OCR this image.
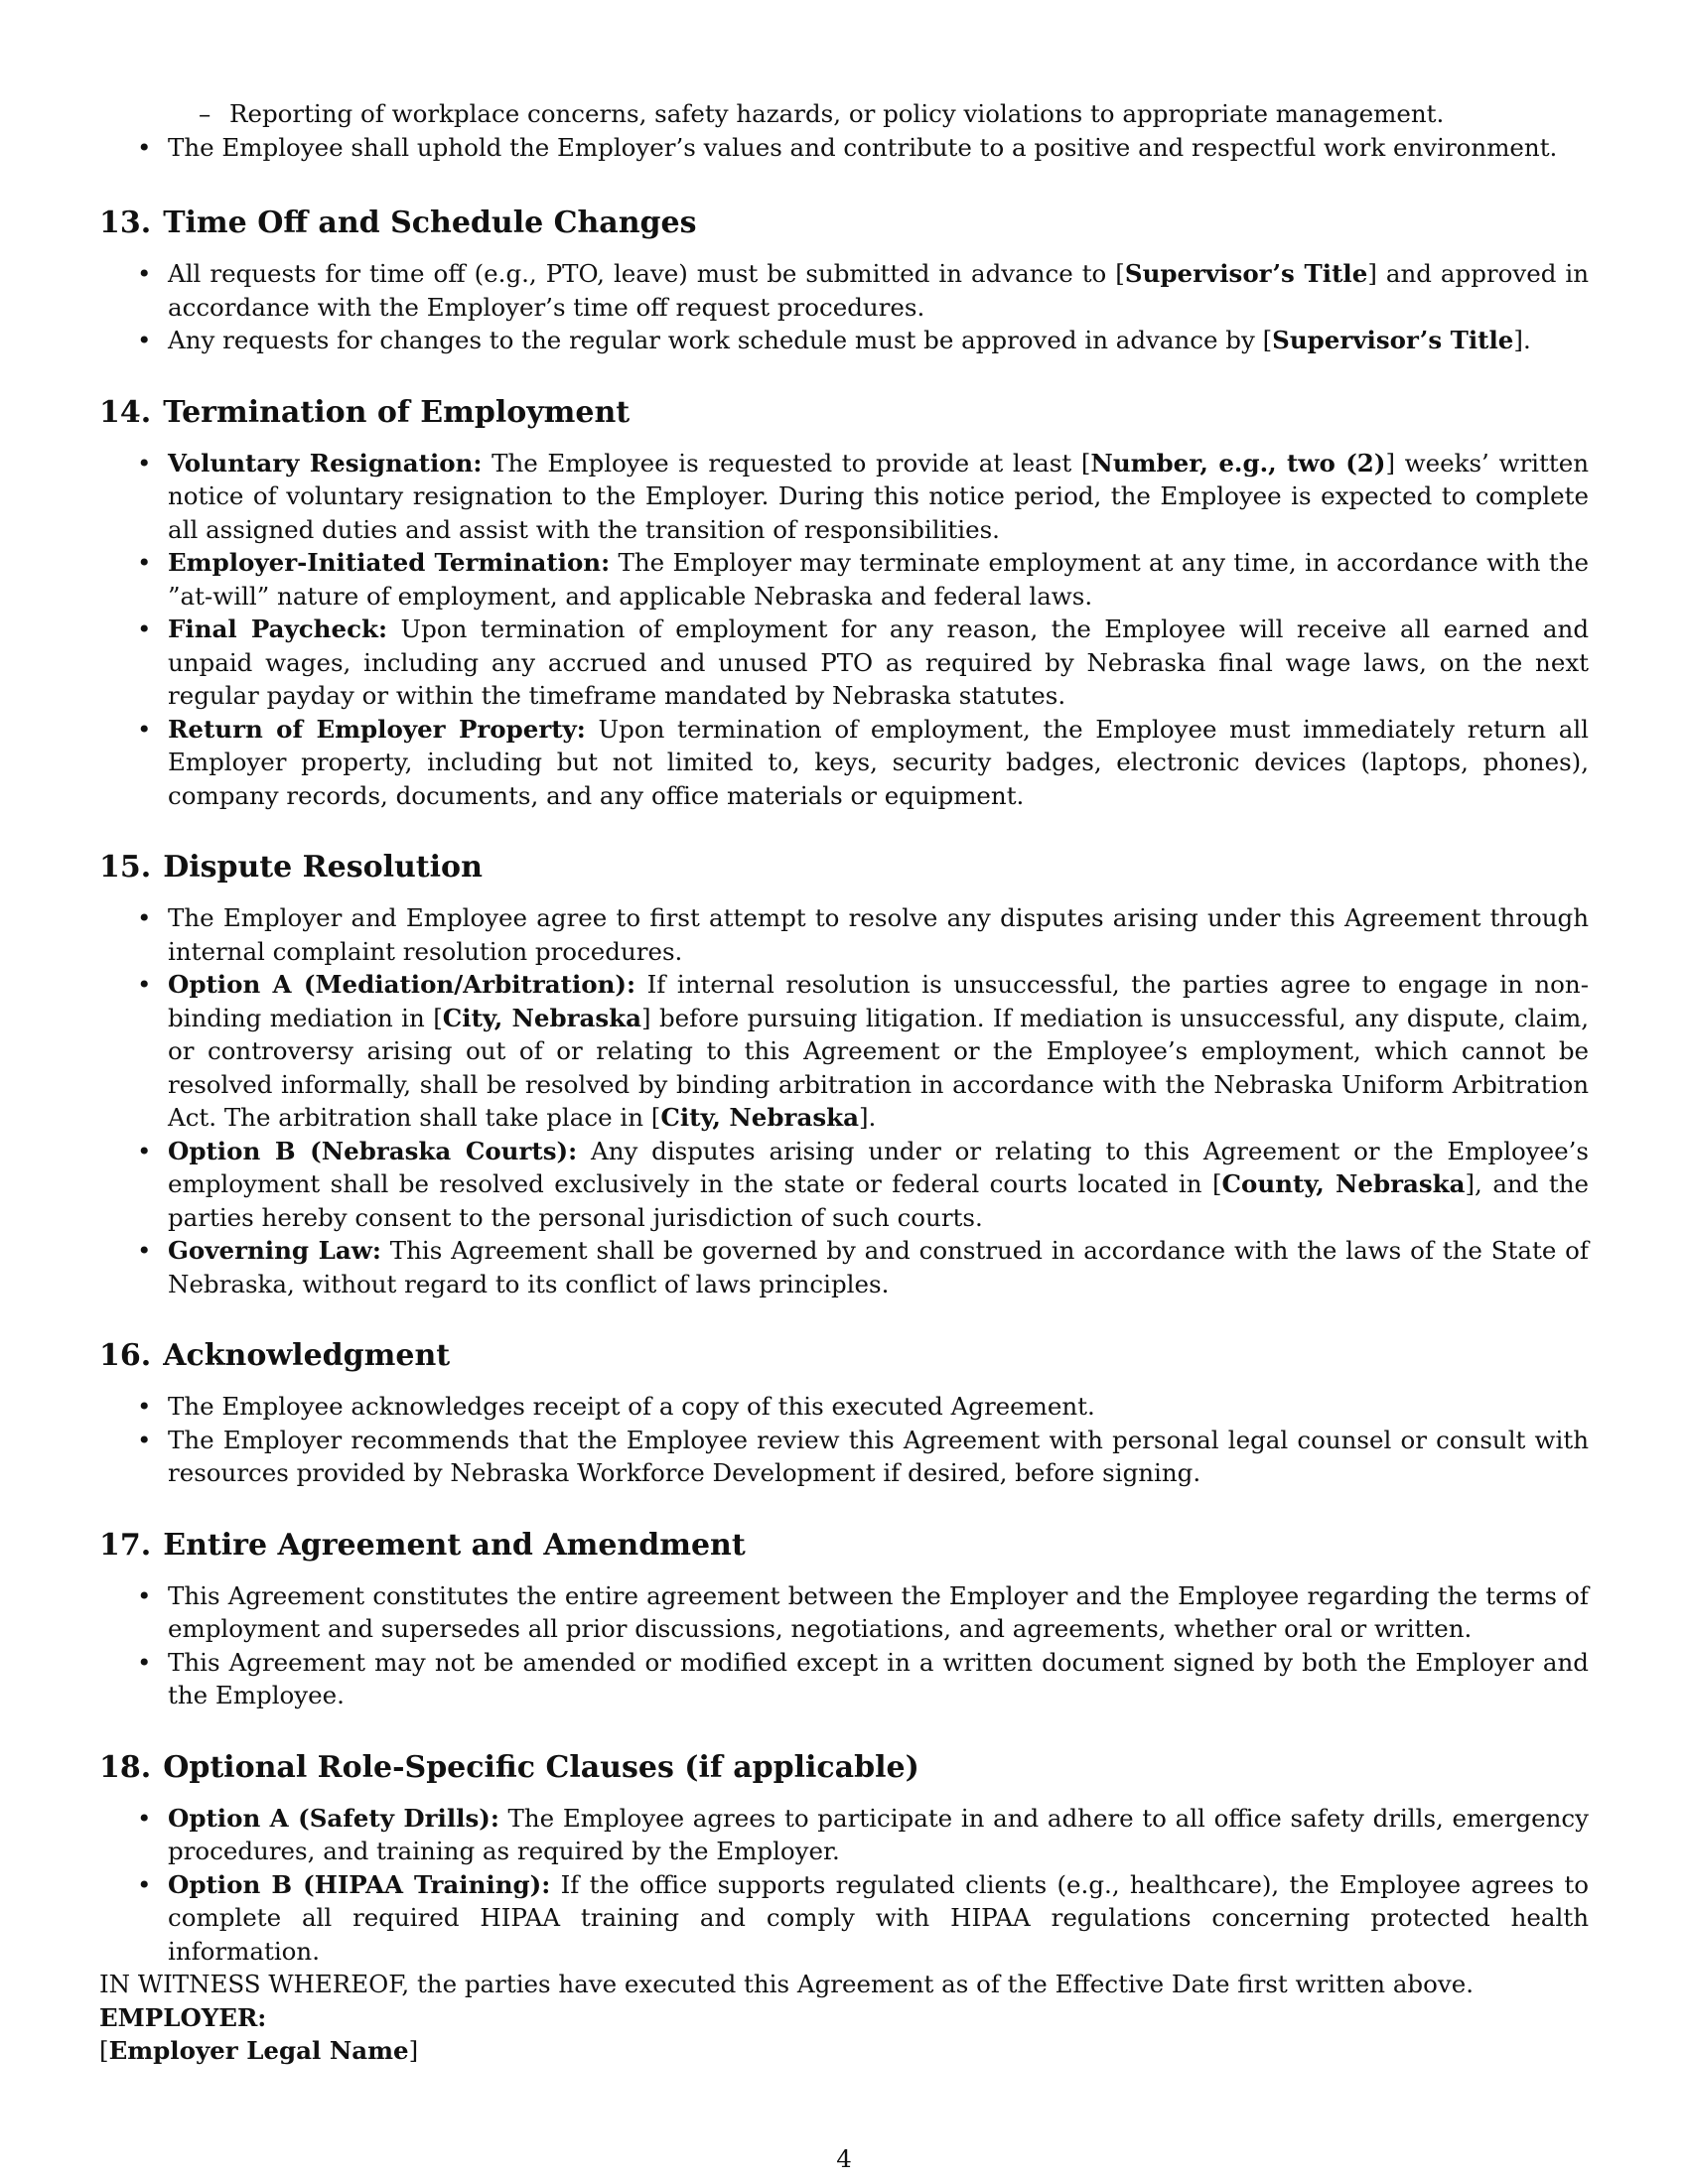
– Reporting of workplace concerns, safety hazards, or policy violations to appropriate management.
• The Employee shall uphold the Employer’s values and contribute to a positive and respectful work environment.
13. Time Off and Schedule Changes
• All requests for time off (e.g., PTO, leave) must be submitted in advance to [Supervisor’s Title] and approved in accordance with the Employer’s time off request procedures.
• Any requests for changes to the regular work schedule must be approved in advance by [Supervisor’s Title].
14. Termination of Employment
• Voluntary Resignation: The Employee is requested to provide at least [Number, e.g., two (2)] weeks’ written notice of voluntary resignation to the Employer. During this notice period, the Employee is expected to complete all assigned duties and assist with the transition of responsibilities.
• Employer-Initiated Termination: The Employer may terminate employment at any time, in accordance with the ”at-will” nature of employment, and applicable Nebraska and federal laws.
• Final Paycheck: Upon termination of employment for any reason, the Employee will receive all earned and unpaid wages, including any accrued and unused PTO as required by Nebraska final wage laws, on the next regular payday or within the timeframe mandated by Nebraska statutes.
• Return of Employer Property: Upon termination of employment, the Employee must immediately return all Employer property, including but not limited to, keys, security badges, electronic devices (laptops, phones), company records, documents, and any office materials or equipment.
15. Dispute Resolution
• The Employer and Employee agree to first attempt to resolve any disputes arising under this Agreement through internal complaint resolution procedures.
• Option A (Mediation/Arbitration): If internal resolution is unsuccessful, the parties agree to engage in non-binding mediation in [City, Nebraska] before pursuing litigation. If mediation is unsuccessful, any dispute, claim, or controversy arising out of or relating to this Agreement or the Employee’s employment, which cannot be resolved informally, shall be resolved by binding arbitration in accordance with the Nebraska Uniform Arbitration Act. The arbitration shall take place in [City, Nebraska].
• Option B (Nebraska Courts): Any disputes arising under or relating to this Agreement or the Employee’s employment shall be resolved exclusively in the state or federal courts located in [County, Nebraska], and the parties hereby consent to the personal jurisdiction of such courts.
• Governing Law: This Agreement shall be governed by and construed in accordance with the laws of the State of Nebraska, without regard to its conflict of laws principles.
16. Acknowledgment
• The Employee acknowledges receipt of a copy of this executed Agreement.
• The Employer recommends that the Employee review this Agreement with personal legal counsel or consult with resources provided by Nebraska Workforce Development if desired, before signing.
17. Entire Agreement and Amendment
• This Agreement constitutes the entire agreement between the Employer and the Employee regarding the terms of employment and supersedes all prior discussions, negotiations, and agreements, whether oral or written.
• This Agreement may not be amended or modified except in a written document signed by both the Employer and the Employee.
18. Optional Role-Specific Clauses (if applicable)
• Option A (Safety Drills): The Employee agrees to participate in and adhere to all office safety drills, emergency procedures, and training as required by the Employer.
• Option B (HIPAA Training): If the office supports regulated clients (e.g., healthcare), the Employee agrees to complete all required HIPAA training and comply with HIPAA regulations concerning protected health information.

IN WITNESS WHEREOF, the parties have executed this Agreement as of the Effective Date first written above.

EMPLOYER:

[Employer Legal Name]

4
